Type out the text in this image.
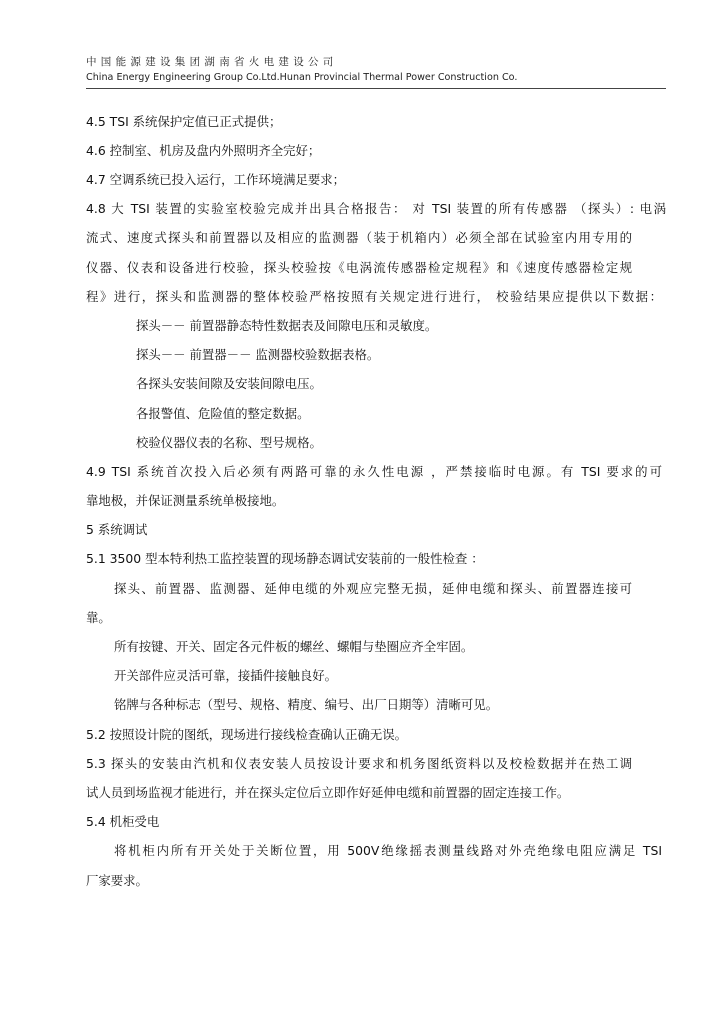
中国能源建设集团湖南省火电建设公司
China Energy Engineering Group Co.Ltd.Hunan Provincial Thermal Power Construction Co.
4.5 TSI 系统保护定值已正式提供；
4.6 控制室、机房及盘内外照明齐全完好；
4.7 空调系统已投入运行，工作环境满足要求；
4.8 大 TSI 装置的实验室校验完成并出具合格报告： 对 TSI 装置的所有传感器 （探头）: 电涡
流式、速度式探头和前置器以及相应的监测器（装于机箱内）必须全部在试验室内用专用的
仪器、仪表和设备进行校验，探头校验按《电涡流传感器检定规程》和《速度传感器检定规
程》进行，探头和监测器的整体校验严格按照有关规定进行进行， 校验结果应提供以下数据：
探头－－ 前置器静态特性数据表及间隙电压和灵敏度。
探头－－ 前置器－－ 监测器校验数据表格。
各探头安装间隙及安装间隙电压。
各报警值、危险值的整定数据。
校验仪器仪表的名称、型号规格。
4.9 TSI 系统首次投入后必须有两路可靠的永久性电源 ，严禁接临时电源。有 TSI 要求的可
靠地极，并保证测量系统单极接地。
5 系统调试
5.1 3500 型本特利热工监控装置的现场静态调试安装前的一般性检查 ：
探头、前置器、监测器、延伸电缆的外观应完整无损，延伸电缆和探头、前置器连接可
靠。
所有按键、开关、固定各元件板的螺丝、螺帽与垫圈应齐全牢固。
开关部件应灵活可靠，接插件接触良好。
铭牌与各种标志（型号、规格、精度、编号、出厂日期等）清晰可见。
5.2 按照设计院的图纸，现场进行接线检查确认正确无误。
5.3 探头的安装由汽机和仪表安装人员按设计要求和机务图纸资料以及校检数据并在热工调
试人员到场监视才能进行，并在探头定位后立即作好延伸电缆和前置器的固定连接工作。
5.4 机柜受电
将机柜内所有开关处于关断位置，用 500V绝缘摇表测量线路对外壳绝缘电阻应满足 TSI
厂家要求。
